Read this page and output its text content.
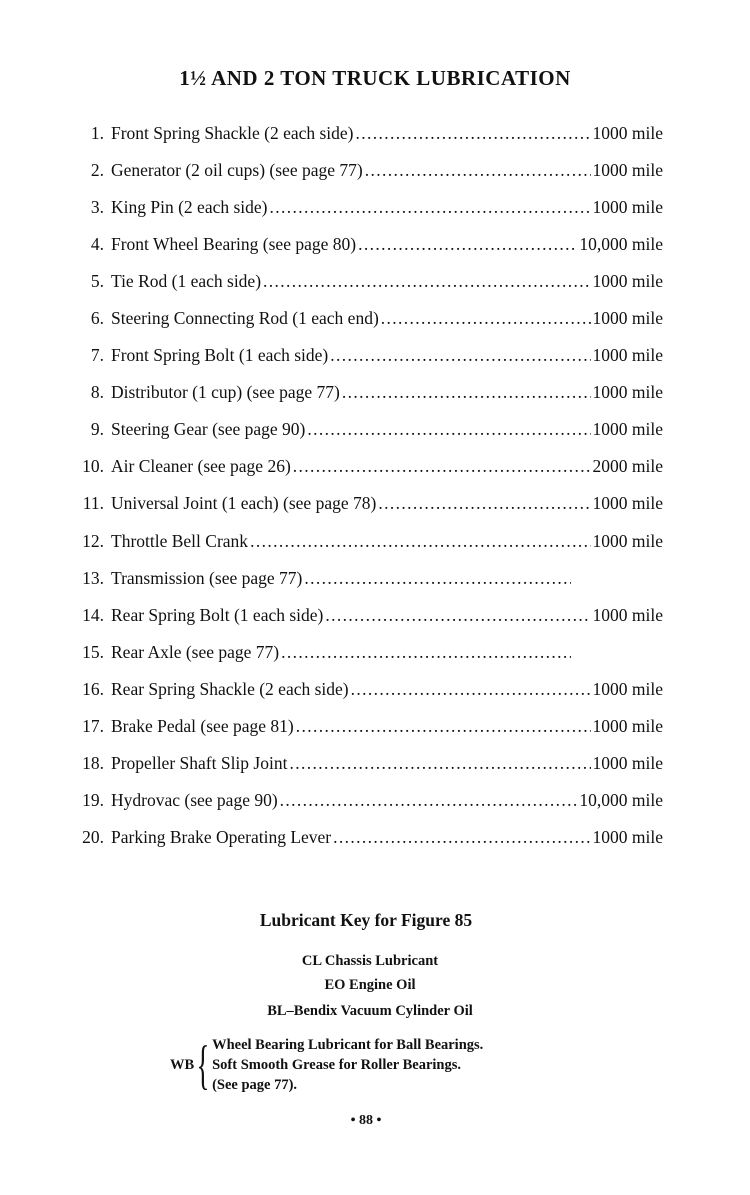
1½ AND 2 TON TRUCK LUBRICATION
1. Front Spring Shackle (2 each side) . . .	1000 mile
2. Generator (2 oil cups) (see page 77) . . .	1000 mile
3. King Pin (2 each side) . . .	1000 mile
4. Front Wheel Bearing (see page 80) . . .	10,000 mile
5. Tie Rod (1 each side) . . .	1000 mile
6. Steering Connecting Rod (1 each end) . . .	1000 mile
7. Front Spring Bolt (1 each side) . . .	1000 mile
8. Distributor (1 cup) (see page 77) . . .	1000 mile
9. Steering Gear (see page 90) . . .	1000 mile
10. Air Cleaner (see page 26) . . .	2000 mile
11. Universal Joint (1 each) (see page 78) . . .	1000 mile
12. Throttle Bell Crank . . .	1000 mile
13. Transmission (see page 77)
. . .
14. Rear Spring Bolt (1 each side) . . .	1000 mile
15. Rear Axle (see page 77)
. . .
16. Rear Spring Shackle (2 each side) . . .	1000 mile
17. Brake Pedal (see page 81) . . .	1000 mile
18. Propeller Shaft Slip Joint . . .	1000 mile
19. Hydrovac (see page 90) . . .	10,000 mile
20. Parking Brake Operating Lever . . .	1000 mile
Lubricant Key for Figure 85
CL Chassis Lubricant
EO Engine Oil
BL–Bendix Vacuum Cylinder Oil
WB { Wheel Bearing Lubricant for Ball Bearings.
Soft Smooth Grease for Roller Bearings.
(See page 77).
• 88 •
